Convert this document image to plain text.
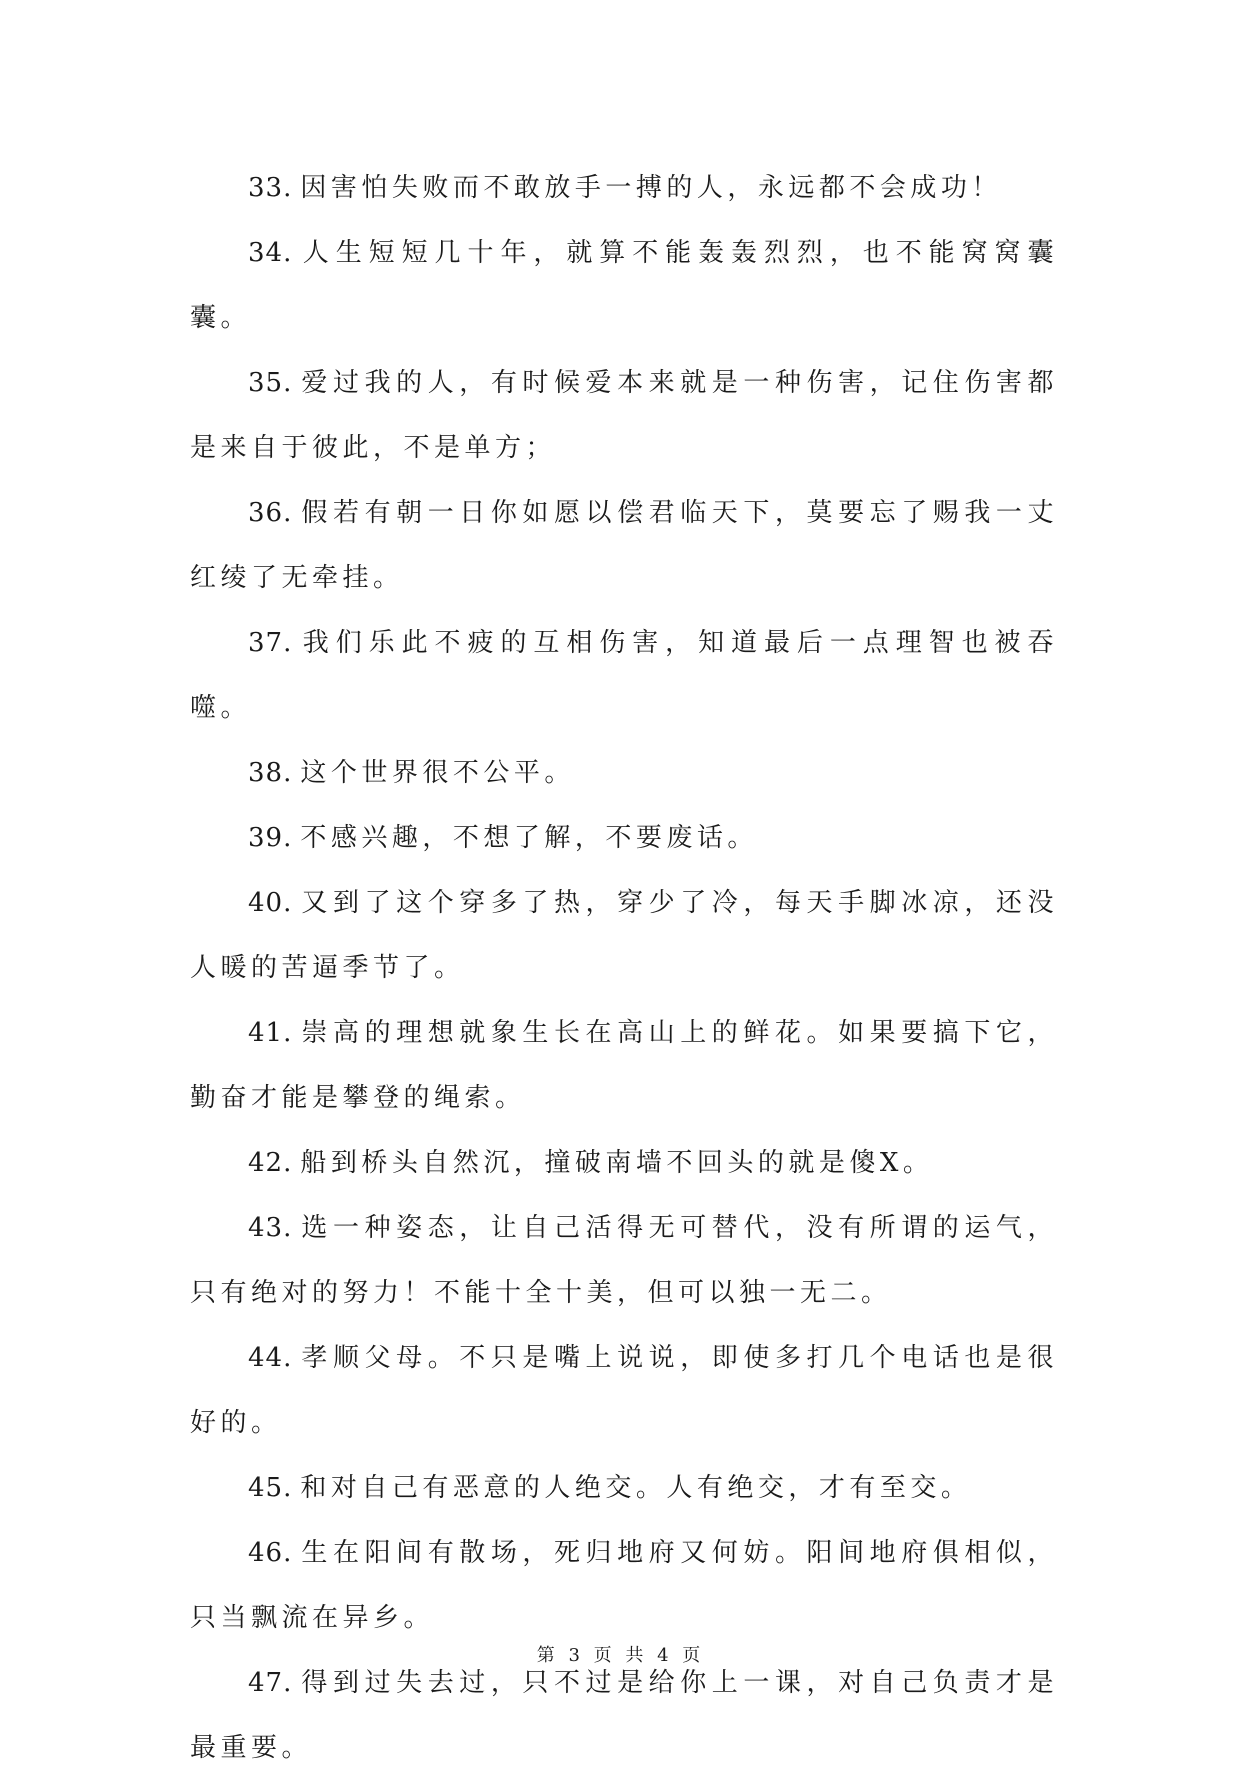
33. 因害怕失败而不敢放手一搏的人，永远都不会成功！

34. 人生短短几十年，就算不能轰轰烈烈，也不能窝窝囊囊。

35. 爱过我的人，有时候爱本来就是一种伤害，记住伤害都是来自于彼此，不是单方；

36. 假若有朝一日你如愿以偿君临天下，莫要忘了赐我一丈红绫了无牵挂。

37. 我们乐此不疲的互相伤害，知道最后一点理智也被吞噬。

38. 这个世界很不公平。

39. 不感兴趣，不想了解，不要废话。

40. 又到了这个穿多了热，穿少了冷，每天手脚冰凉，还没人暖的苦逼季节了。

41. 崇高的理想就象生长在高山上的鲜花。如果要搞下它，勤奋才能是攀登的绳索。

42. 船到桥头自然沉，撞破南墙不回头的就是傻X。

43. 选一种姿态，让自己活得无可替代，没有所谓的运气，只有绝对的努力！不能十全十美，但可以独一无二。

44. 孝顺父母。不只是嘴上说说，即使多打几个电话也是很好的。

45. 和对自己有恶意的人绝交。人有绝交，才有至交。

46. 生在阳间有散场，死归地府又何妨。阳间地府俱相似，只当飘流在异乡。

47. 得到过失去过，只不过是给你上一课，对自己负责才是最重要。

第 3 页 共 4 页
